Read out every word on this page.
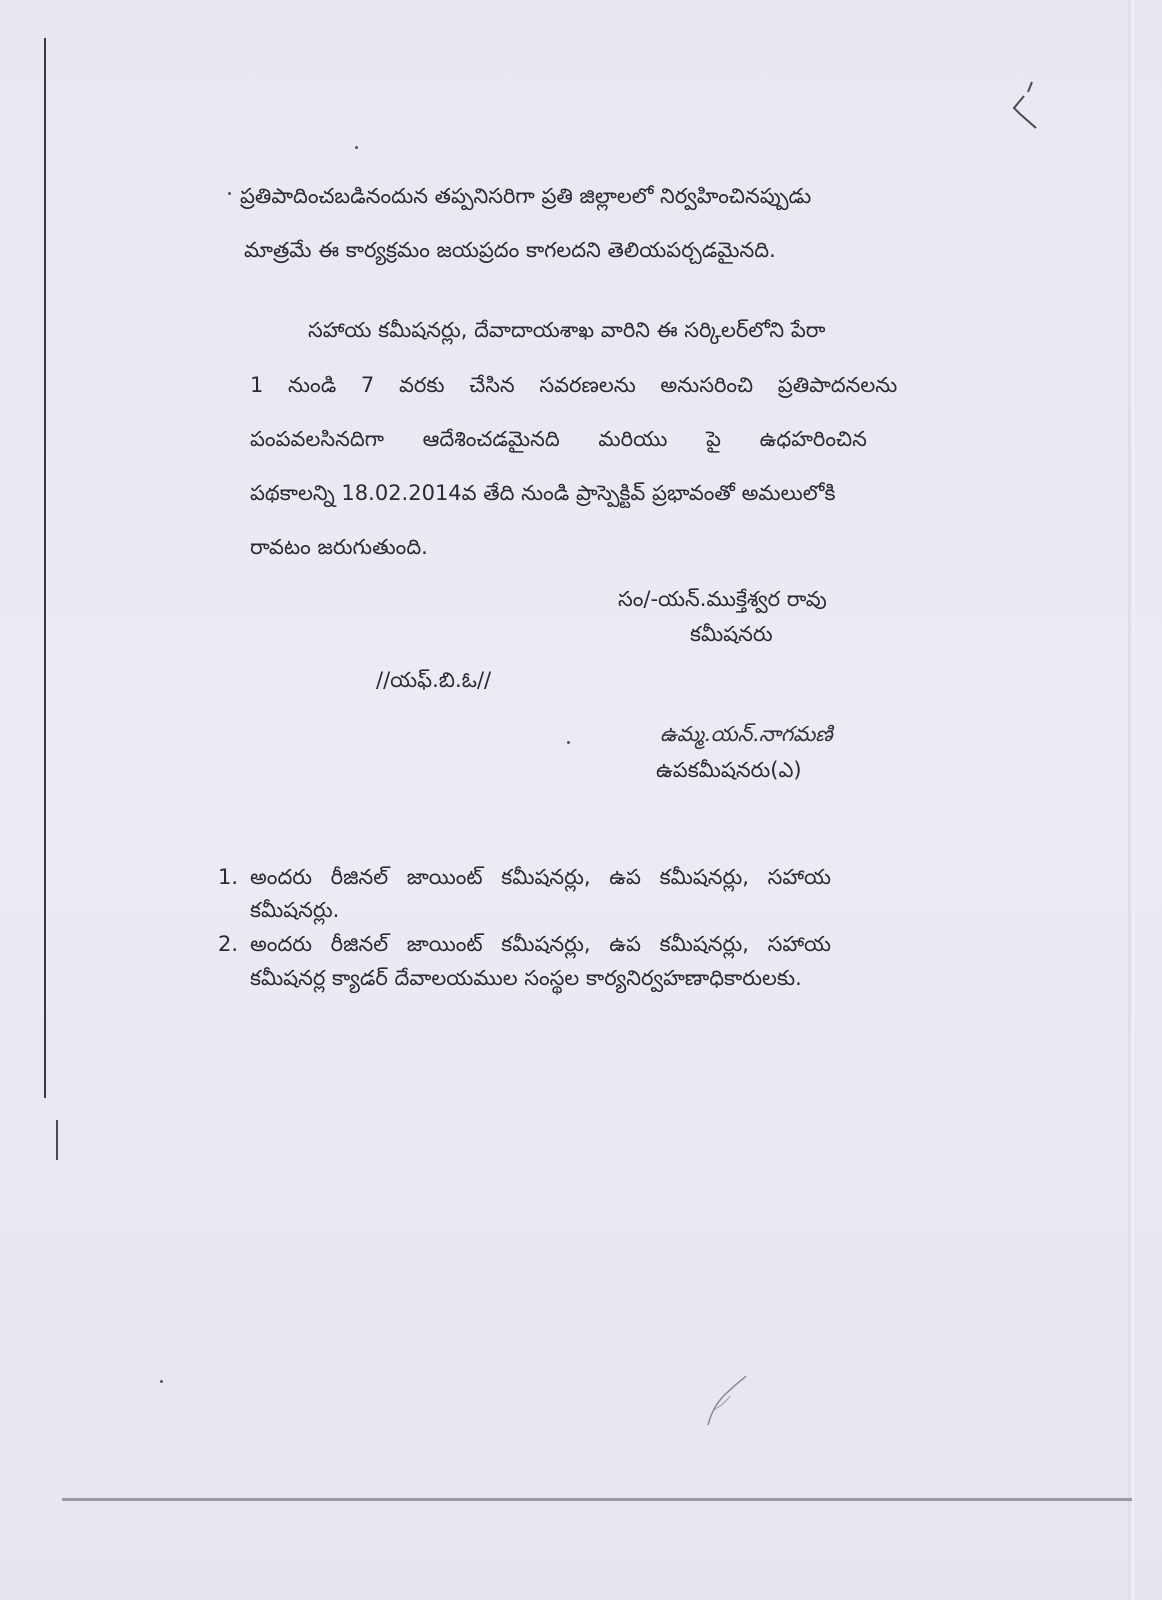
ప్రతిపాదించబడినందున తప్పనిసరిగా ప్రతి జిల్లాలలో నిర్వహించినప్పుడు
మాత్రమే ఈ కార్యక్రమం జయప్రదం కాగలదని తెలియపర్చడమైనది.
సహాయ కమీషనర్లు, దేవాదాయశాఖ వారిని ఈ సర్కిలర్‌లోని పేరా
1 నుండి 7 వరకు చేసిన సవరణలను అనుసరించి ప్రతిపాదనలను
పంపవలసినదిగా ఆదేశించడమైనది మరియు పై ఉధహరించిన
పథకాలన్ని 18.02.2014వ తేది నుండి ప్రాస్పెక్టివ్ ప్రభావంతో అమలులోకి
రావటం జరుగుతుంది.
సం/-యన్.ముక్తేశ్వర రావు
కమీషనరు
//యఫ్.బి.ఓ//
ఉమ్మ.యన్.నాగమణి
ఉపకమీషనరు(ఎ)
1. అందరు రీజినల్ జాయింట్ కమీషనర్లు, ఉప కమీషనర్లు, సహాయ
కమీషనర్లు.
2. అందరు రీజినల్ జాయింట్ కమీషనర్లు, ఉప కమీషనర్లు, సహాయ
కమీషనర్ల క్యాడర్ దేవాలయముల సంస్థల కార్యనిర్వహణాధికారులకు.
